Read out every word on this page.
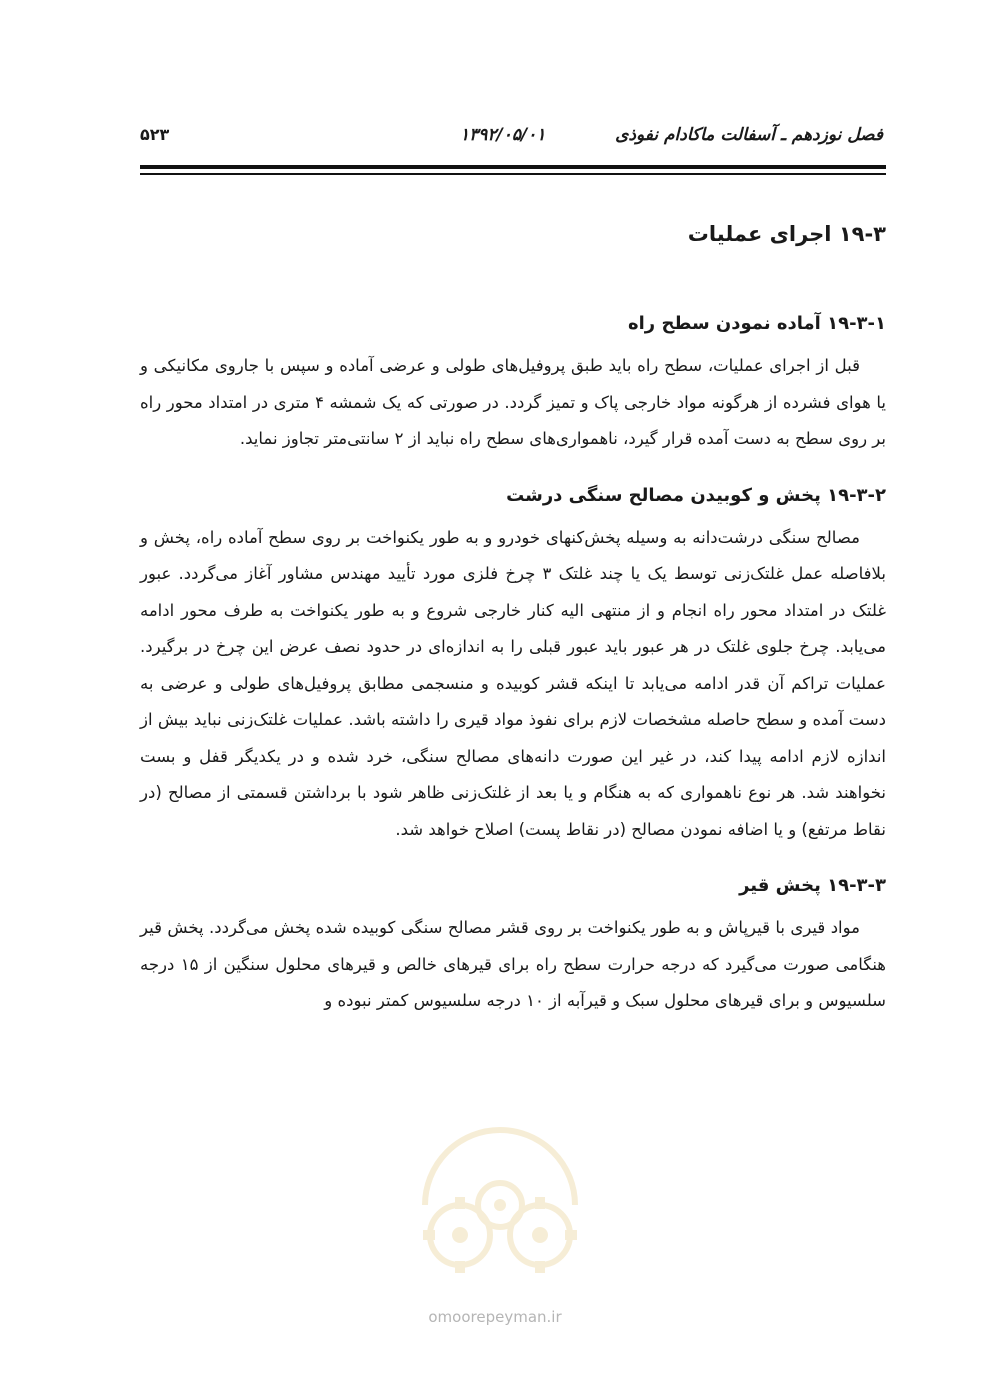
فصل نوزدهم ـ آسفالت ماکادام نفوذی
۱۳۹۲/۰۵/۰۱
۵۲۳
۱۹-۳ اجرای عملیات
۱۹-۳-۱ آماده نمودن سطح راه

قبل از اجرای عملیات، سطح راه باید طبق پروفیل‌های طولی و عرضی آماده و سپس با جاروی مکانیکی و یا هوای فشرده از هرگونه مواد خارجی پاک و تمیز گردد. در صورتی که یک شمشه ۴ متری در امتداد محور راه بر روی سطح به دست آمده قرار گیرد، ناهمواری‌های سطح راه نباید از ۲ سانتی‌متر تجاوز نماید.

۱۹-۳-۲ پخش و کوبیدن مصالح سنگی درشت

مصالح سنگی درشت‌دانه به وسیله پخش‌کنهای خودرو و به طور یکنواخت بر روی سطح آماده راه، پخش و بلافاصله عمل غلتک‌زنی توسط یک یا چند غلتک ۳ چرخ فلزی مورد تأیید مهندس مشاور آغاز می‌گردد. عبور غلتک در امتداد محور راه انجام و از منتهی الیه کنار خارجی شروع و به طور یکنواخت به طرف محور ادامه می‌یابد. چرخ جلوی غلتک در هر عبور باید عبور قبلی را به اندازه‌ای در حدود نصف عرض این چرخ در برگیرد. عملیات تراکم آن قدر ادامه می‌یابد تا اینکه قشر کوبیده و منسجمی مطابق پروفیل‌های طولی و عرضی به دست آمده و سطح حاصله مشخصات لازم برای نفوذ مواد قیری را داشته باشد. عملیات غلتک‌زنی نباید بیش از اندازه لازم ادامه پیدا کند، در غیر این صورت دانه‌های مصالح سنگی، خرد شده و در یکدیگر قفل و بست نخواهند شد. هر نوع ناهمواری که به هنگام و یا بعد از غلتک‌زنی ظاهر شود با برداشتن قسمتی از مصالح (در نقاط مرتفع) و یا اضافه نمودن مصالح (در نقاط پست) اصلاح خواهد شد.

۱۹-۳-۳ پخش قیر

مواد قیری با قیرپاش و به طور یکنواخت بر روی قشر مصالح سنگی کوبیده شده پخش می‌گردد. پخش قیر هنگامی صورت می‌گیرد که درجه حرارت سطح راه برای قیرهای خالص و قیرهای محلول سنگین از ۱۵ درجه سلسیوس و برای قیرهای محلول سبک و قیرآبه از ۱۰ درجه سلسیوس کمتر نبوده و

omoorepeyman.ir
